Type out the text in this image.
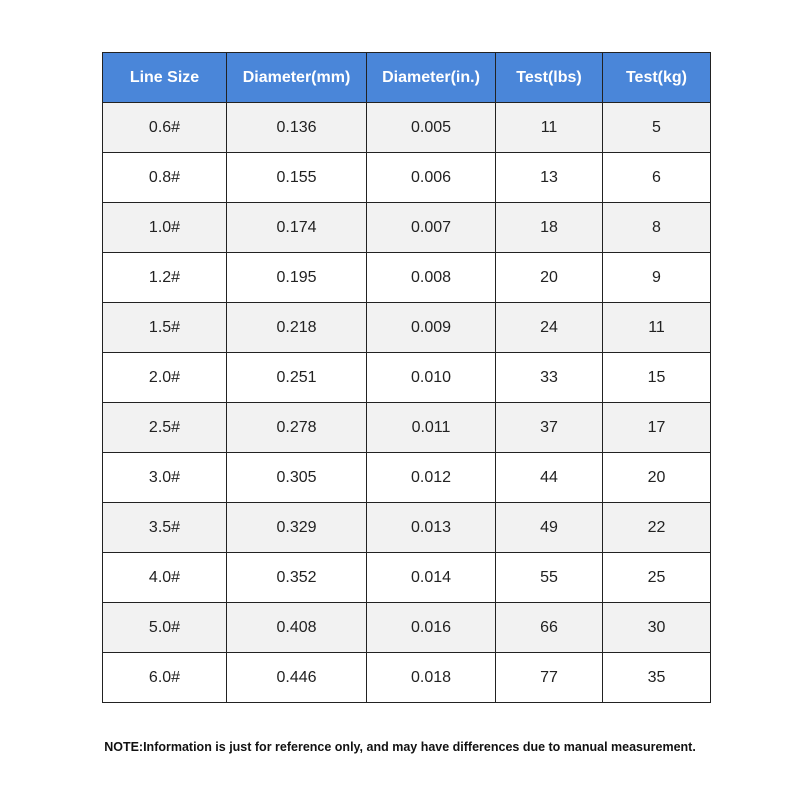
Line Size	Diameter(mm)	Diameter(in.)	Test(lbs)	Test(kg)
0.6#	0.136	0.005	11	5
0.8#	0.155	0.006	13	6
1.0#	0.174	0.007	18	8
1.2#	0.195	0.008	20	9
1.5#	0.218	0.009	24	11
2.0#	0.251	0.010	33	15
2.5#	0.278	0.011	37	17
3.0#	0.305	0.012	44	20
3.5#	0.329	0.013	49	22
4.0#	0.352	0.014	55	25
5.0#	0.408	0.016	66	30
6.0#	0.446	0.018	77	35
NOTE:Information is just for reference only, and may have differences due to manual measurement.
